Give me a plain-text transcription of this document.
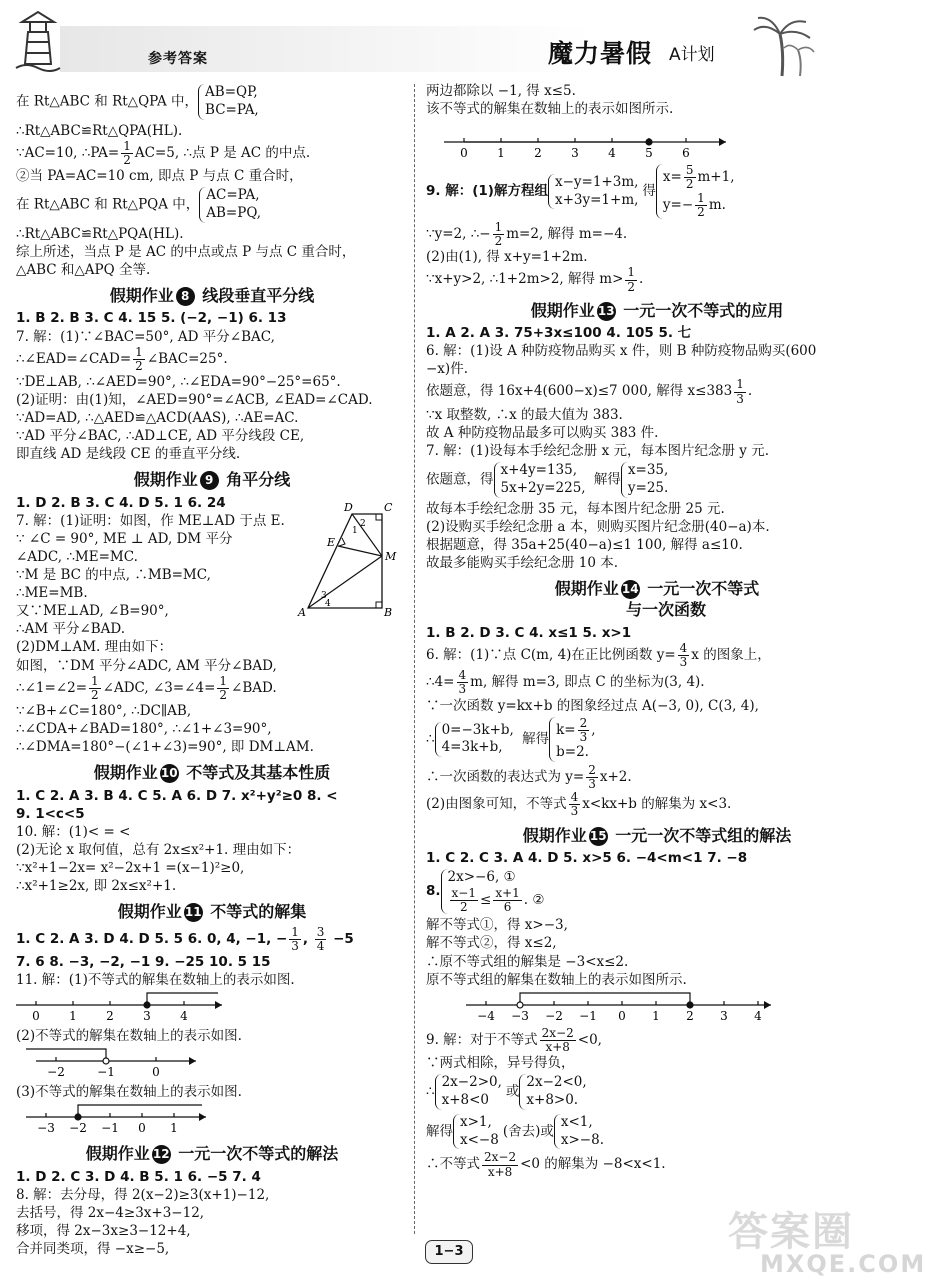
参考答案	魔力暑假 A计划
在 Rt△ABC 和 Rt△QPA 中，
AB=QP,
BC=PA,
∴Rt△ABC≌Rt△QPA(HL).
∵AC=10, ∴PA= $\frac{1}{2} AC=5$, ∴点 P 是 AC 的中点.
②当 PA=AC=10 cm, 即点 P 与点 C 重合时，
在 Rt△ABC 和 Rt△PQA 中，
AC=PA,
AB=PQ,
∴Rt△ABC≌Rt△PQA(HL).
综上所述，当点 P 是 AC 的中点或点 P 与点 C 重合时，
△ABC 和△APQ 全等.
假期作业 8 线段垂直平分线
1. B 2. B 3. C 4. 15 5. (−2, −1) 6. 13
7. 解：(1)∵∠BAC=50°, AD 平分∠BAC,
∴∠EAD=∠CAD= $\frac{1}{2}$ ∠BAC=25°.
∵DE⊥AB, ∴∠AED=90°, ∴∠EDA=90°−25°=65°.
(2)证明：由(1)知，∠AED=90°=∠ACB, ∠EAD=∠CAD.
∵AD=AD, ∴△AED≌△ACD(AAS), ∴AE=AC.
∵AD 平分∠BAC, ∴AD⊥CE, AD 平分线段 CE,
即直线 AD 是线段 CE 的垂直平分线.
假期作业 9 角平分线
1. D 2. B 3. C 4. D 5. 1 6. 24
7. 解：(1)证明：如图，作 ME⊥AD 于点 E.
∵ ∠C = 90°, ME ⊥ AD, DM 平分
∠ADC, ∴ME=MC.
∵M 是 BC 的中点, ∴MB=MC,
∴ME=MB.
又∵ME⊥AD, ∠B=90°,
∴AM 平分∠BAD.
(2)DM⊥AM. 理由如下：
如图，∵DM 平分∠ADC, AM 平分∠BAD,
∴∠1=∠2= $\frac{1}{2}$ ∠ADC, ∠3=∠4= $\frac{1}{2}$ ∠BAD.
∵∠B+∠C=180°, ∴DC∥AB,
∴∠CDA+∠BAD=180°, ∴∠1+∠3=90°,
∴∠DMA=180°−(∠1+∠3)=90°, 即 DM⊥AM.
假期作业 10 不等式及其基本性质
1. C 2. A 3. B 4. C 5. A 6. D 7. x²+y²≥0 8. <
9. 1<c<5
10. 解：(1)< = <
(2)无论 x 取何值，总有 2x≤x²+1. 理由如下：
∵x²+1−2x= x²−2x+1 =(x−1)²≥0,
∴x²+1≥2x, 即 2x≤x²+1.
假期作业 11 不等式的解集
1. C 2. A 3. D 4. D 5. 5 6. 0, 4, −1, − $\frac{1}{3}$ , $\frac{3}{4} -5$
7. 6 8. −3, −2, −1 9. −25 10. 5 15
11. 解：(1)不等式的解集在数轴上的表示如图.
0 1 2 3 4
(2)不等式的解集在数轴上的表示如图.
−2	−1	0
(3)不等式的解集在数轴上的表示如图.
−3 −2 −1 0 1
假期作业 12 一元一次不等式的解法
1. D 2. C 3. D 4. B 5. 1 6. −5 7. 4
8. 解：去分母，得 2(x−2)≥3(x+1)−12,
去括号，得 2x−4≥3x+3−12,
移项，得 2x−3x≥3−12+4,
合并同类项，得 −x≥−5,
D	C
E
M
A	B
1
2
3
4
两边都除以 −1, 得 x≤5.
该不等式的解集在数轴上的表示如图所示.
0 1 2 3 4 5 6
9. 解：(1)解方程组
x−y=1+3m,
x+3y=1+m,
得
$x= \frac{5}{2} m+1$,
$y=- \frac{1}{2} m$.
∵y=2, ∴− $\frac{1}{2} m=2$, 解得 m=−4.
(2)由(1), 得 x+y=1+2m.
∵x+y>2, ∴1+2m>2, 解得 $m> \frac{1}{2}$ .
假期作业 13 一元一次不等式的应用
1. A 2. A 3. 75+3x≤100 4. 105 5. 七
6. 解：(1)设 A 种防疫物品购买 x 件，则 B 种防疫物品购买(600
−x)件.
依题意，得 16x+4(600−x)≤7 000, 解得 $x\le 383 \frac{1}{3}$ .
∵x 取整数, ∴x 的最大值为 383.
故 A 种防疫物品最多可以购买 383 件.
7. 解：(1)设每本手绘纪念册 x 元，每本图片纪念册 y 元.
依题意，得
x+4y=135,
5x+2y=225,
解得
x=35,
y=25.
故每本手绘纪念册 35 元，每本图片纪念册 25 元.
(2)设购买手绘纪念册 a 本，则购买图片纪念册(40−a)本.
根据题意，得 35a+25(40−a)≤1 100, 解得 a≤10.
故最多能购买手绘纪念册 10 本.
假期作业 14 一元一次不等式
与一次函数
1. B 2. D 3. C 4. x≤1 5. x>1
6. 解：(1)∵点 C(m, 4)在正比例函数 $y= \frac{4}{3}$ x 的图象上，
∴4= $\frac{4}{3} m$, 解得 m=3, 即点 C 的坐标为(3, 4).
∵一次函数 y=kx+b 的图象经过点 A(−3, 0), C(3, 4),
∴
0=−3k+b,
4=3k+b,
解得
$k= \frac{2}{3}$ ,
b=2.
∴一次函数的表达式为 $y= \frac{2}{3} x+2$.
(2)由图象可知，不等式 $\frac{4}{3} x<kx+b$ 的解集为 x<3.
假期作业 15 一元一次不等式组的解法
1. C 2. C 3. A 4. D 5. x>5 6. −4<m<1 7. −8
8.
2x>−6, ①
$\frac{x-1}{2} \le \frac{x+1}{6}$ . ②
解不等式①，得 x>−3,
解不等式②，得 x≤2,
∴原不等式组的解集是 −3<x≤2.
原不等式组的解集在数轴上的表示如图所示.
−4 −3 −2 −1 0 1 2 3 4
9. 解：对于不等式 $\frac{2x-2}{x+8} <0$,
∵两式相除，异号得负，
∴
2x−2>0,
x+8<0
或
2x−2<0,
x+8>0.
解得
x>1,
x<−8
(舍去)或
x<1,
x>−8.
∴不等式 $\frac{2x-2}{x+8} <0$ 的解集为 −8<x<1.
1−3	答案圈
MXQE.COM
